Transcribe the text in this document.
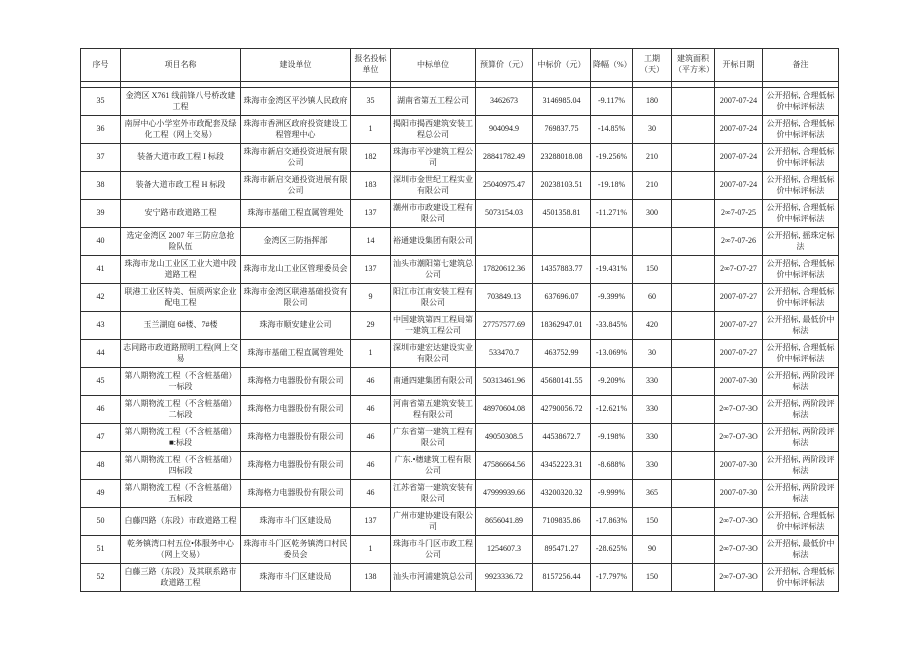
序号	项目名称	建设单位	报名投标单位	中标单位	预算价（元）	中标价（元）	降幅（%）	工期（天）	建筑面积（平方米）	开标日期	备注

35	金湾区 X761 线前锋八号桥改建工程	珠海市金湾区平沙镇人民政府	35	湖南省第五工程公司	3462673	3146985.04	-9.117%	180		2007-07-24	公开招标, 合理低标价中标评标法
36	南屏中心小学室外市政配套及绿化工程（网上交易）	珠海市香洲区政府投资建设工程管理中心	1	揭阳市揭西建筑安装工程总公司	904094.9	769837.75	-14.85%	30		2007-07-24	公开招标, 合理低标价中标评标法
37	装备大道市政工程 I 标段	珠海市新启交通投资进展有限公司	182	珠海市平沙建筑工程公司	28841782.49	23288018.08	-19.256%	210		2007-07-24	公开招标, 合理低标价中标评标法
38	装备大道市政工程 H 标段	珠海市新启交通投资进展有限公司	183	深圳市金世纪工程实业有限公司	25040975.47	20238103.51	-19.18%	210		2007-07-24	公开招标, 合理低标价中标评标法
39	安宁路市政道路工程	珠海市基础工程直属管理处	137	潮州市市政建设工程有限公司	5073154.03	4501358.81	-11.271%	300		2∞7-07-25	公开招标, 合理低标价中标评标法
40	选定金湾区 2007 年三防应急抢险队伍	金湾区三防指挥部	14	裕通建设集团有限公司						2∞7-07-26	公开招标, 摇珠定标法
41	珠海市龙山工业区工业大道中段道路工程	珠海市龙山工业区管理委员会	137	汕头市潮阳第七建筑总公司	17820612.36	14357883.77	-19.431%	150		2∞7-O7-27	公开招标, 合理低标价中标评标法
42	联港工业区特美、恒质两家企业配电工程	珠海市金湾区联港基础投资有限公司	9	阳江市江南安装工程有限公司	703849.13	637696.07	-9.399%	60		2007-07-27	公开招标, 合理低标价中标评标法
43	玉兰湖庭 6#楼、7#楼	珠海市顺安建业公司	29	中国建筑第四工程局第一建筑工程公司	27757577.69	18362947.01	-33.845%	420		2007-07-27	公开招标, 最低价中标法
44	志同路市政道路照明工程(网上交易	珠海市基础工程直属管理处	1	深圳市建宏达建设实业有限公司	533470.7	463752.99	-13.069%	30		2007-07-27	公开招标, 合理低标价中标评标法
45	第八期物流工程（不含桩基础）一标段	珠海格力电器股份有限公司	46	南通四建集团有限公司	50313461.96	45680141.55	-9.209%	330		2007-07-30	公开招标, 两阶段评标法
46	第八期物流工程（不含桩基础）二标段	珠海格力电器股份有限公司	46	河南省第五建筑安装工程有限公司	48970604.08	42790056.72	-12.621%	330		2∞7-O7-3O	公开招标, 两阶段评标法
47	第八期物流工程（不含桩基础）■:标段	珠海格力电器股份有限公司	46	广东省第一建筑工程有限公司	49050308.5	44538672.7	-9.198%	330		2∞7-O7-3O	公开招标, 两阶段评标法
48	第八期物流工程（不含桩基础）四标段	珠海格力电器股份有限公司	46	广东.•穗建筑工程有限公司	47586664.56	43452223.31	-8.688%	330		2007-07-30	公开招标, 两阶段评标法
49	第八期物流工程（不含桩基础）五标段	珠海格力电器股份有限公司	46	江苏省第一建筑安装有限公司	47999939.66	43200320.32	-9.999%	365		2007-07-30	公开招标, 两阶段评标法
50	白藤四路（东段）市政道路工程	珠海市斗门区建设局	137	广州市建协建设有限公司	8656041.89	7109835.86	-17.863%	150		2∞7-O7-3O	公开招标, 合理低标价中标评标法
51	乾务镇湾口村五位•体服务中心（网上交易）	珠海市斗门区乾务镇湾口村民委员会	1	珠海市斗门区市政工程公司	1254607.3	895471.27	-28.625%	90		2∞7-O7-3O	公开招标, 最低价中标法
52	白藤三路（东段）及其联系路市政道路工程	珠海市斗门区建设局	138	汕头市河浦建筑总公司	9923336.72	8157256.44	-17.797%	150		2∞7-O7-3O	公开招标, 合理低标价中标评标法
